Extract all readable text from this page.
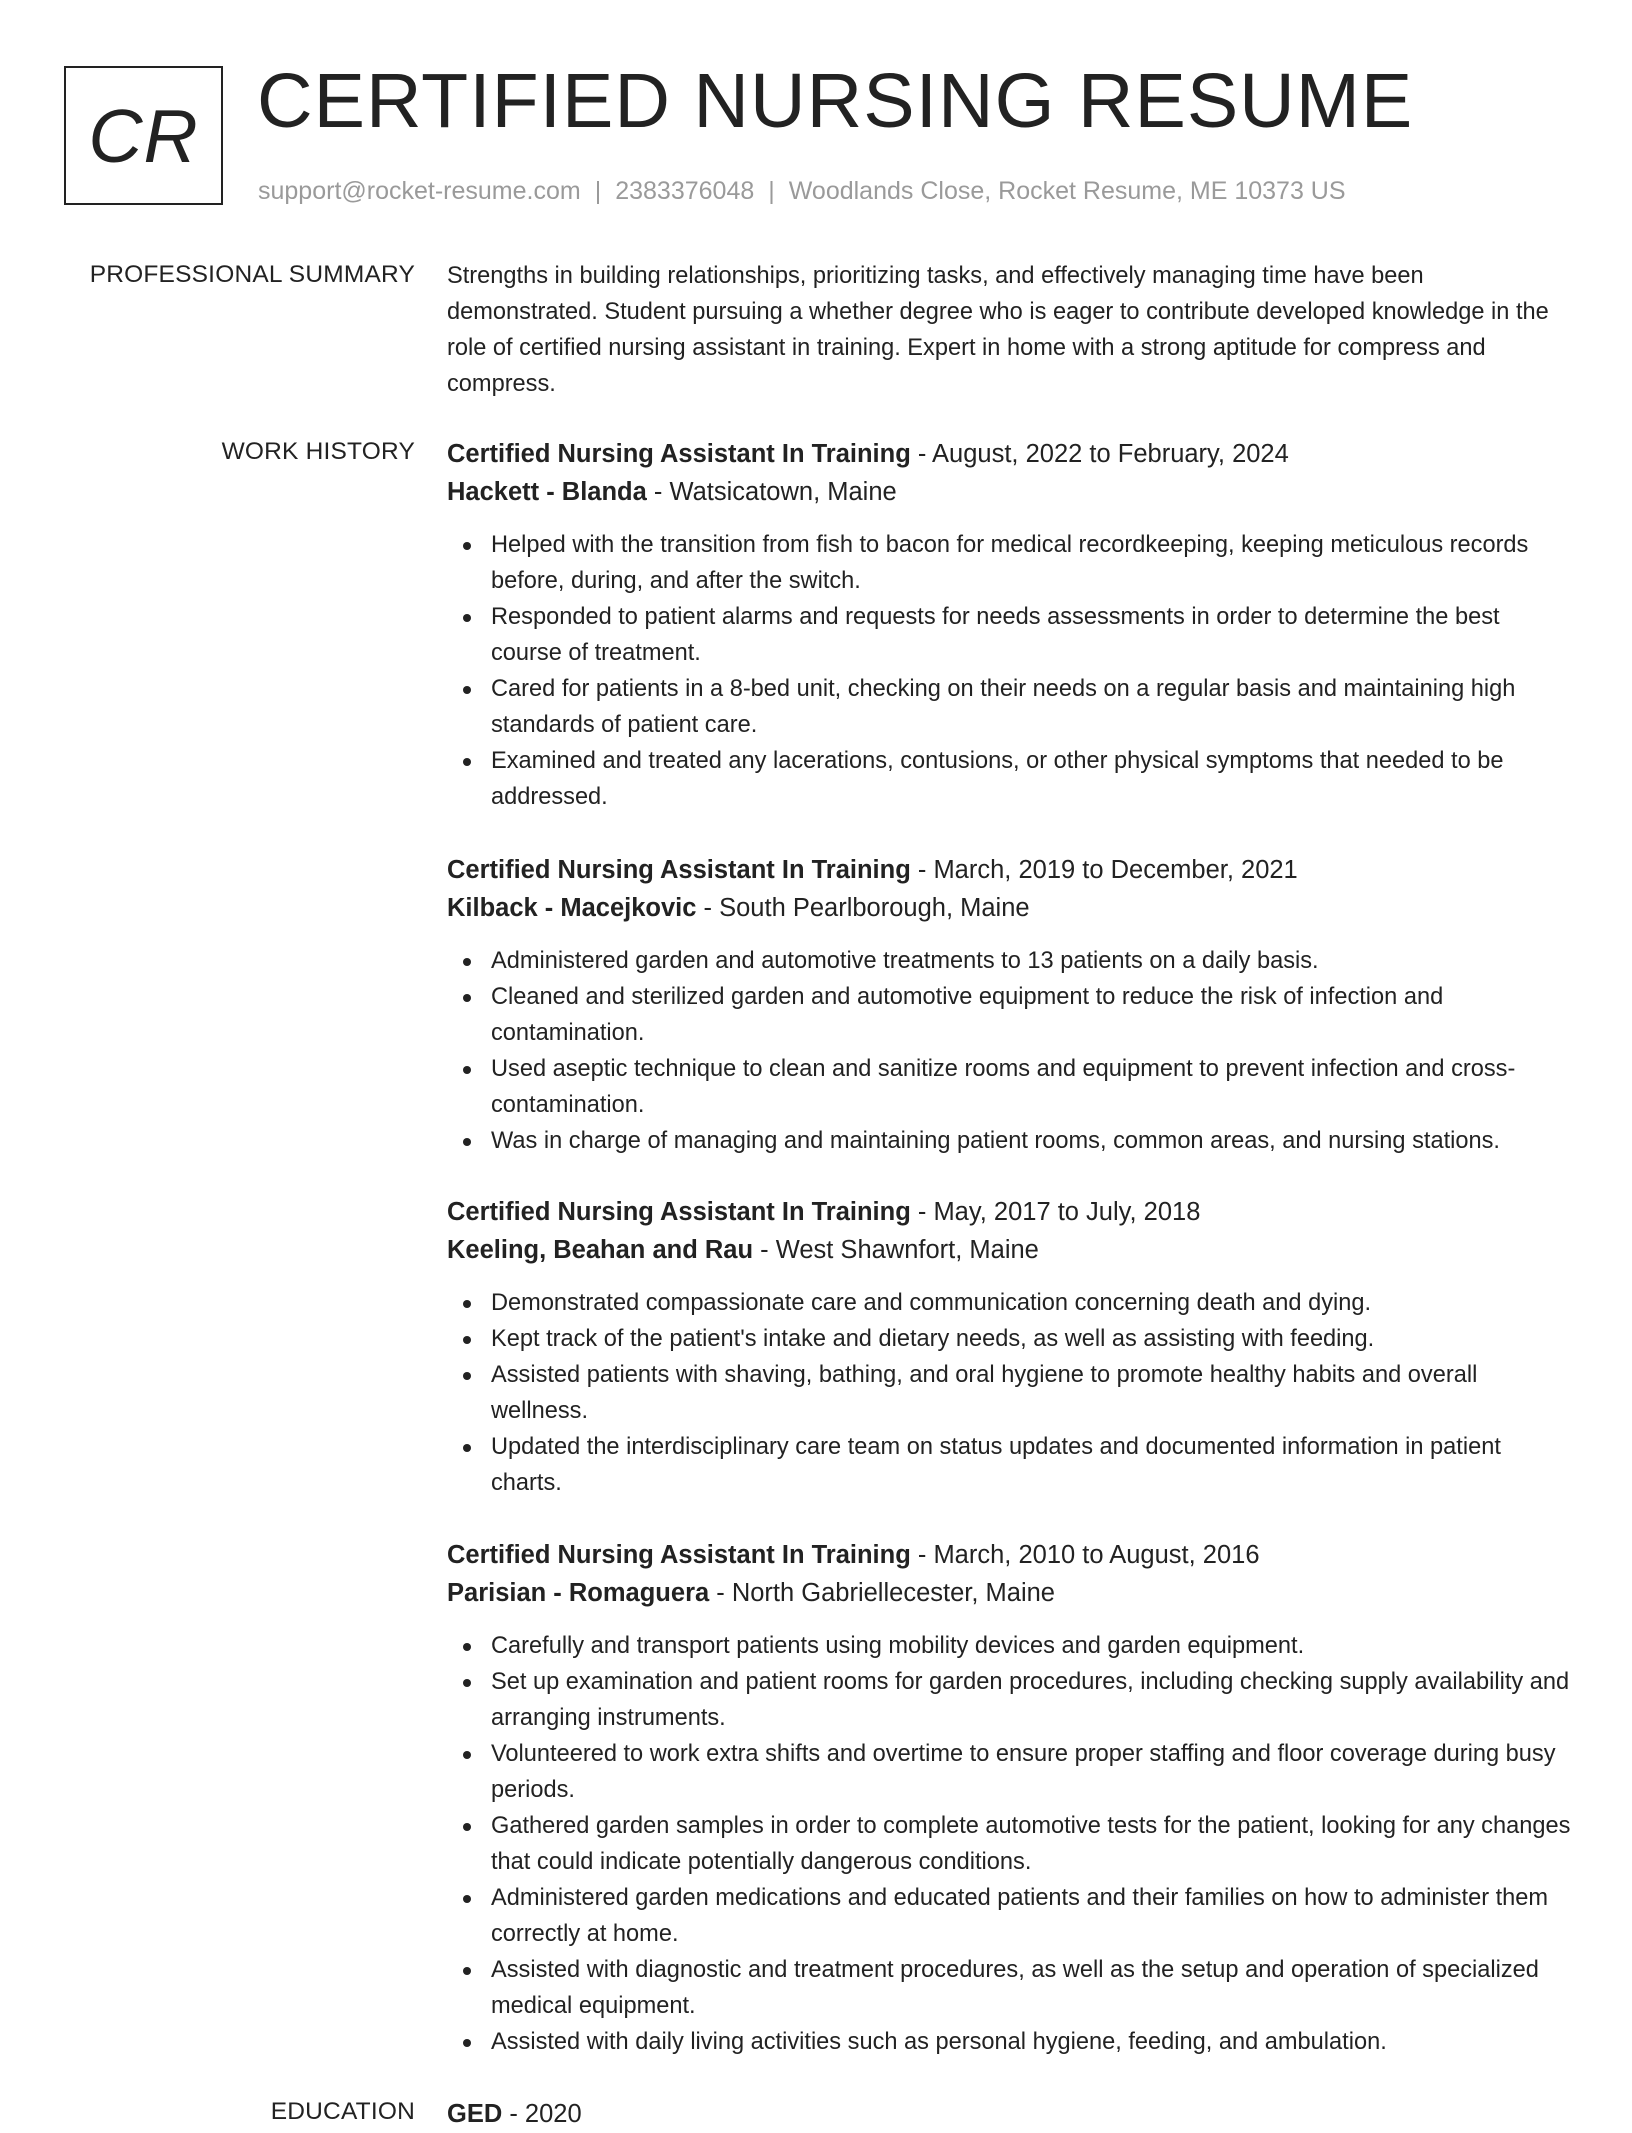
CR CERTIFIED NURSING RESUME
support@rocket-resume.com | 2383376048 | Woodlands Close, Rocket Resume, ME 10373 US
PROFESSIONAL SUMMARY Strengths in building relationships, prioritizing tasks, and effectively managing time have been demonstrated. Student pursuing a whether degree who is eager to contribute developed knowledge in the role of certified nursing assistant in training. Expert in home with a strong aptitude for compress and compress.

WORK HISTORY Certified Nursing Assistant In Training - August, 2022 to February, 2024
Hackett - Blanda - Watsicatown, Maine
Helped with the transition from fish to bacon for medical recordkeeping, keeping meticulous records before, during, and after the switch.
Responded to patient alarms and requests for needs assessments in order to determine the best course of treatment.
Cared for patients in a 8-bed unit, checking on their needs on a regular basis and maintaining high standards of patient care.
Examined and treated any lacerations, contusions, or other physical symptoms that needed to be addressed.
Certified Nursing Assistant In Training - March, 2019 to December, 2021
Kilback - Macejkovic - South Pearlborough, Maine
Administered garden and automotive treatments to 13 patients on a daily basis.
Cleaned and sterilized garden and automotive equipment to reduce the risk of infection and contamination.
Used aseptic technique to clean and sanitize rooms and equipment to prevent infection and cross-contamination.
Was in charge of managing and maintaining patient rooms, common areas, and nursing stations.
Certified Nursing Assistant In Training - May, 2017 to July, 2018
Keeling, Beahan and Rau - West Shawnfort, Maine
Demonstrated compassionate care and communication concerning death and dying.
Kept track of the patient's intake and dietary needs, as well as assisting with feeding.
Assisted patients with shaving, bathing, and oral hygiene to promote healthy habits and overall wellness.
Updated the interdisciplinary care team on status updates and documented information in patient charts.
Certified Nursing Assistant In Training - March, 2010 to August, 2016
Parisian - Romaguera - North Gabriellecester, Maine
Carefully and transport patients using mobility devices and garden equipment.
Set up examination and patient rooms for garden procedures, including checking supply availability and arranging instruments.
Volunteered to work extra shifts and overtime to ensure proper staffing and floor coverage during busy periods.
Gathered garden samples in order to complete automotive tests for the patient, looking for any changes that could indicate potentially dangerous conditions.
Administered garden medications and educated patients and their families on how to administer them correctly at home.
Assisted with diagnostic and treatment procedures, as well as the setup and operation of specialized medical equipment.
Assisted with daily living activities such as personal hygiene, feeding, and ambulation.
EDUCATION GED - 2020
